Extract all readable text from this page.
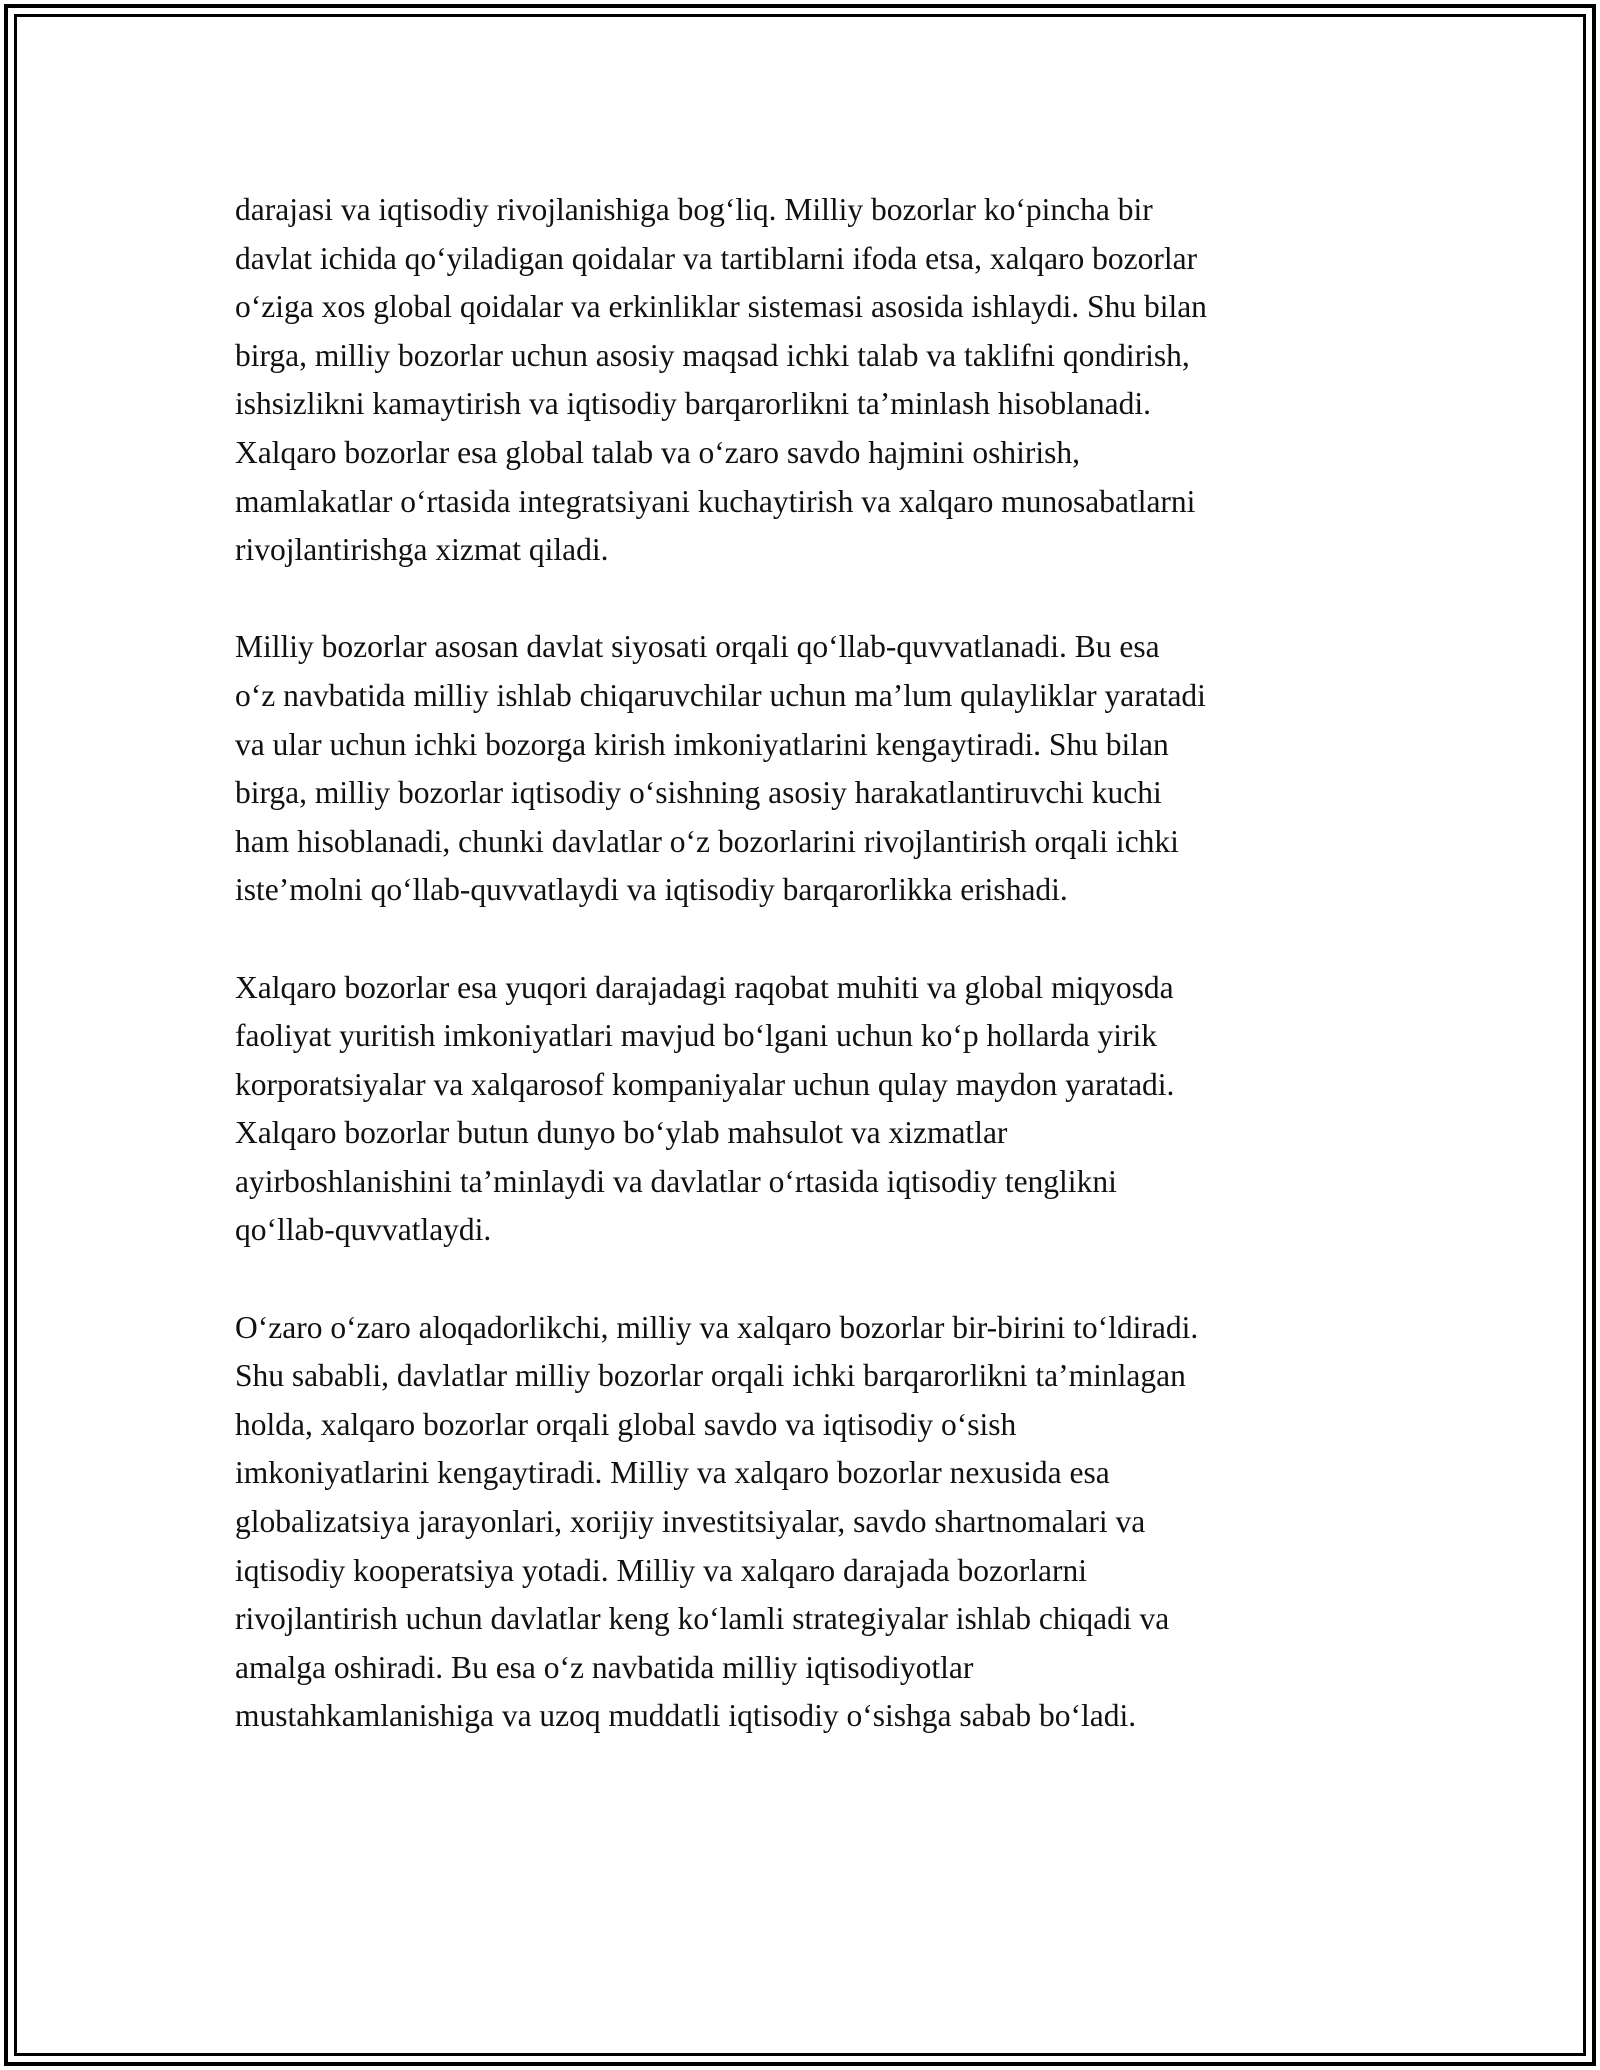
darajasi va iqtisodiy rivojlanishiga bog‘liq. Milliy bozorlar ko‘pincha bir
davlat ichida qo‘yiladigan qoidalar va tartiblarni ifoda etsa, xalqaro bozorlar
o‘ziga xos global qoidalar va erkinliklar sistemasi asosida ishlaydi. Shu bilan
birga, milliy bozorlar uchun asosiy maqsad ichki talab va taklifni qondirish,
ishsizlikni kamaytirish va iqtisodiy barqarorlikni ta’minlash hisoblanadi.
Xalqaro bozorlar esa global talab va o‘zaro savdo hajmini oshirish,
mamlakatlar o‘rtasida integratsiyani kuchaytirish va xalqaro munosabatlarni
rivojlantirishga xizmat qiladi.

Milliy bozorlar asosan davlat siyosati orqali qo‘llab-quvvatlanadi. Bu esa
o‘z navbatida milliy ishlab chiqaruvchilar uchun ma’lum qulayliklar yaratadi
va ular uchun ichki bozorga kirish imkoniyatlarini kengaytiradi. Shu bilan
birga, milliy bozorlar iqtisodiy o‘sishning asosiy harakatlantiruvchi kuchi
ham hisoblanadi, chunki davlatlar o‘z bozorlarini rivojlantirish orqali ichki
iste’molni qo‘llab-quvvatlaydi va iqtisodiy barqarorlikka erishadi.

Xalqaro bozorlar esa yuqori darajadagi raqobat muhiti va global miqyosda
faoliyat yuritish imkoniyatlari mavjud bo‘lgani uchun ko‘p hollarda yirik
korporatsiyalar va xalqarosof kompaniyalar uchun qulay maydon yaratadi.
Xalqaro bozorlar butun dunyo bo‘ylab mahsulot va xizmatlar
ayirboshlanishini ta’minlaydi va davlatlar o‘rtasida iqtisodiy tenglikni
qo‘llab-quvvatlaydi.

O‘zaro o‘zaro aloqadorlikchi, milliy va xalqaro bozorlar bir-birini to‘ldiradi.
Shu sababli, davlatlar milliy bozorlar orqali ichki barqarorlikni ta’minlagan
holda, xalqaro bozorlar orqali global savdo va iqtisodiy o‘sish
imkoniyatlarini kengaytiradi. Milliy va xalqaro bozorlar nexusida esa
globalizatsiya jarayonlari, xorijiy investitsiyalar, savdo shartnomalari va
iqtisodiy kooperatsiya yotadi. Milliy va xalqaro darajada bozorlarni
rivojlantirish uchun davlatlar keng ko‘lamli strategiyalar ishlab chiqadi va
amalga oshiradi. Bu esa o‘z navbatida milliy iqtisodiyotlar
mustahkamlanishiga va uzoq muddatli iqtisodiy o‘sishga sabab bo‘ladi.
